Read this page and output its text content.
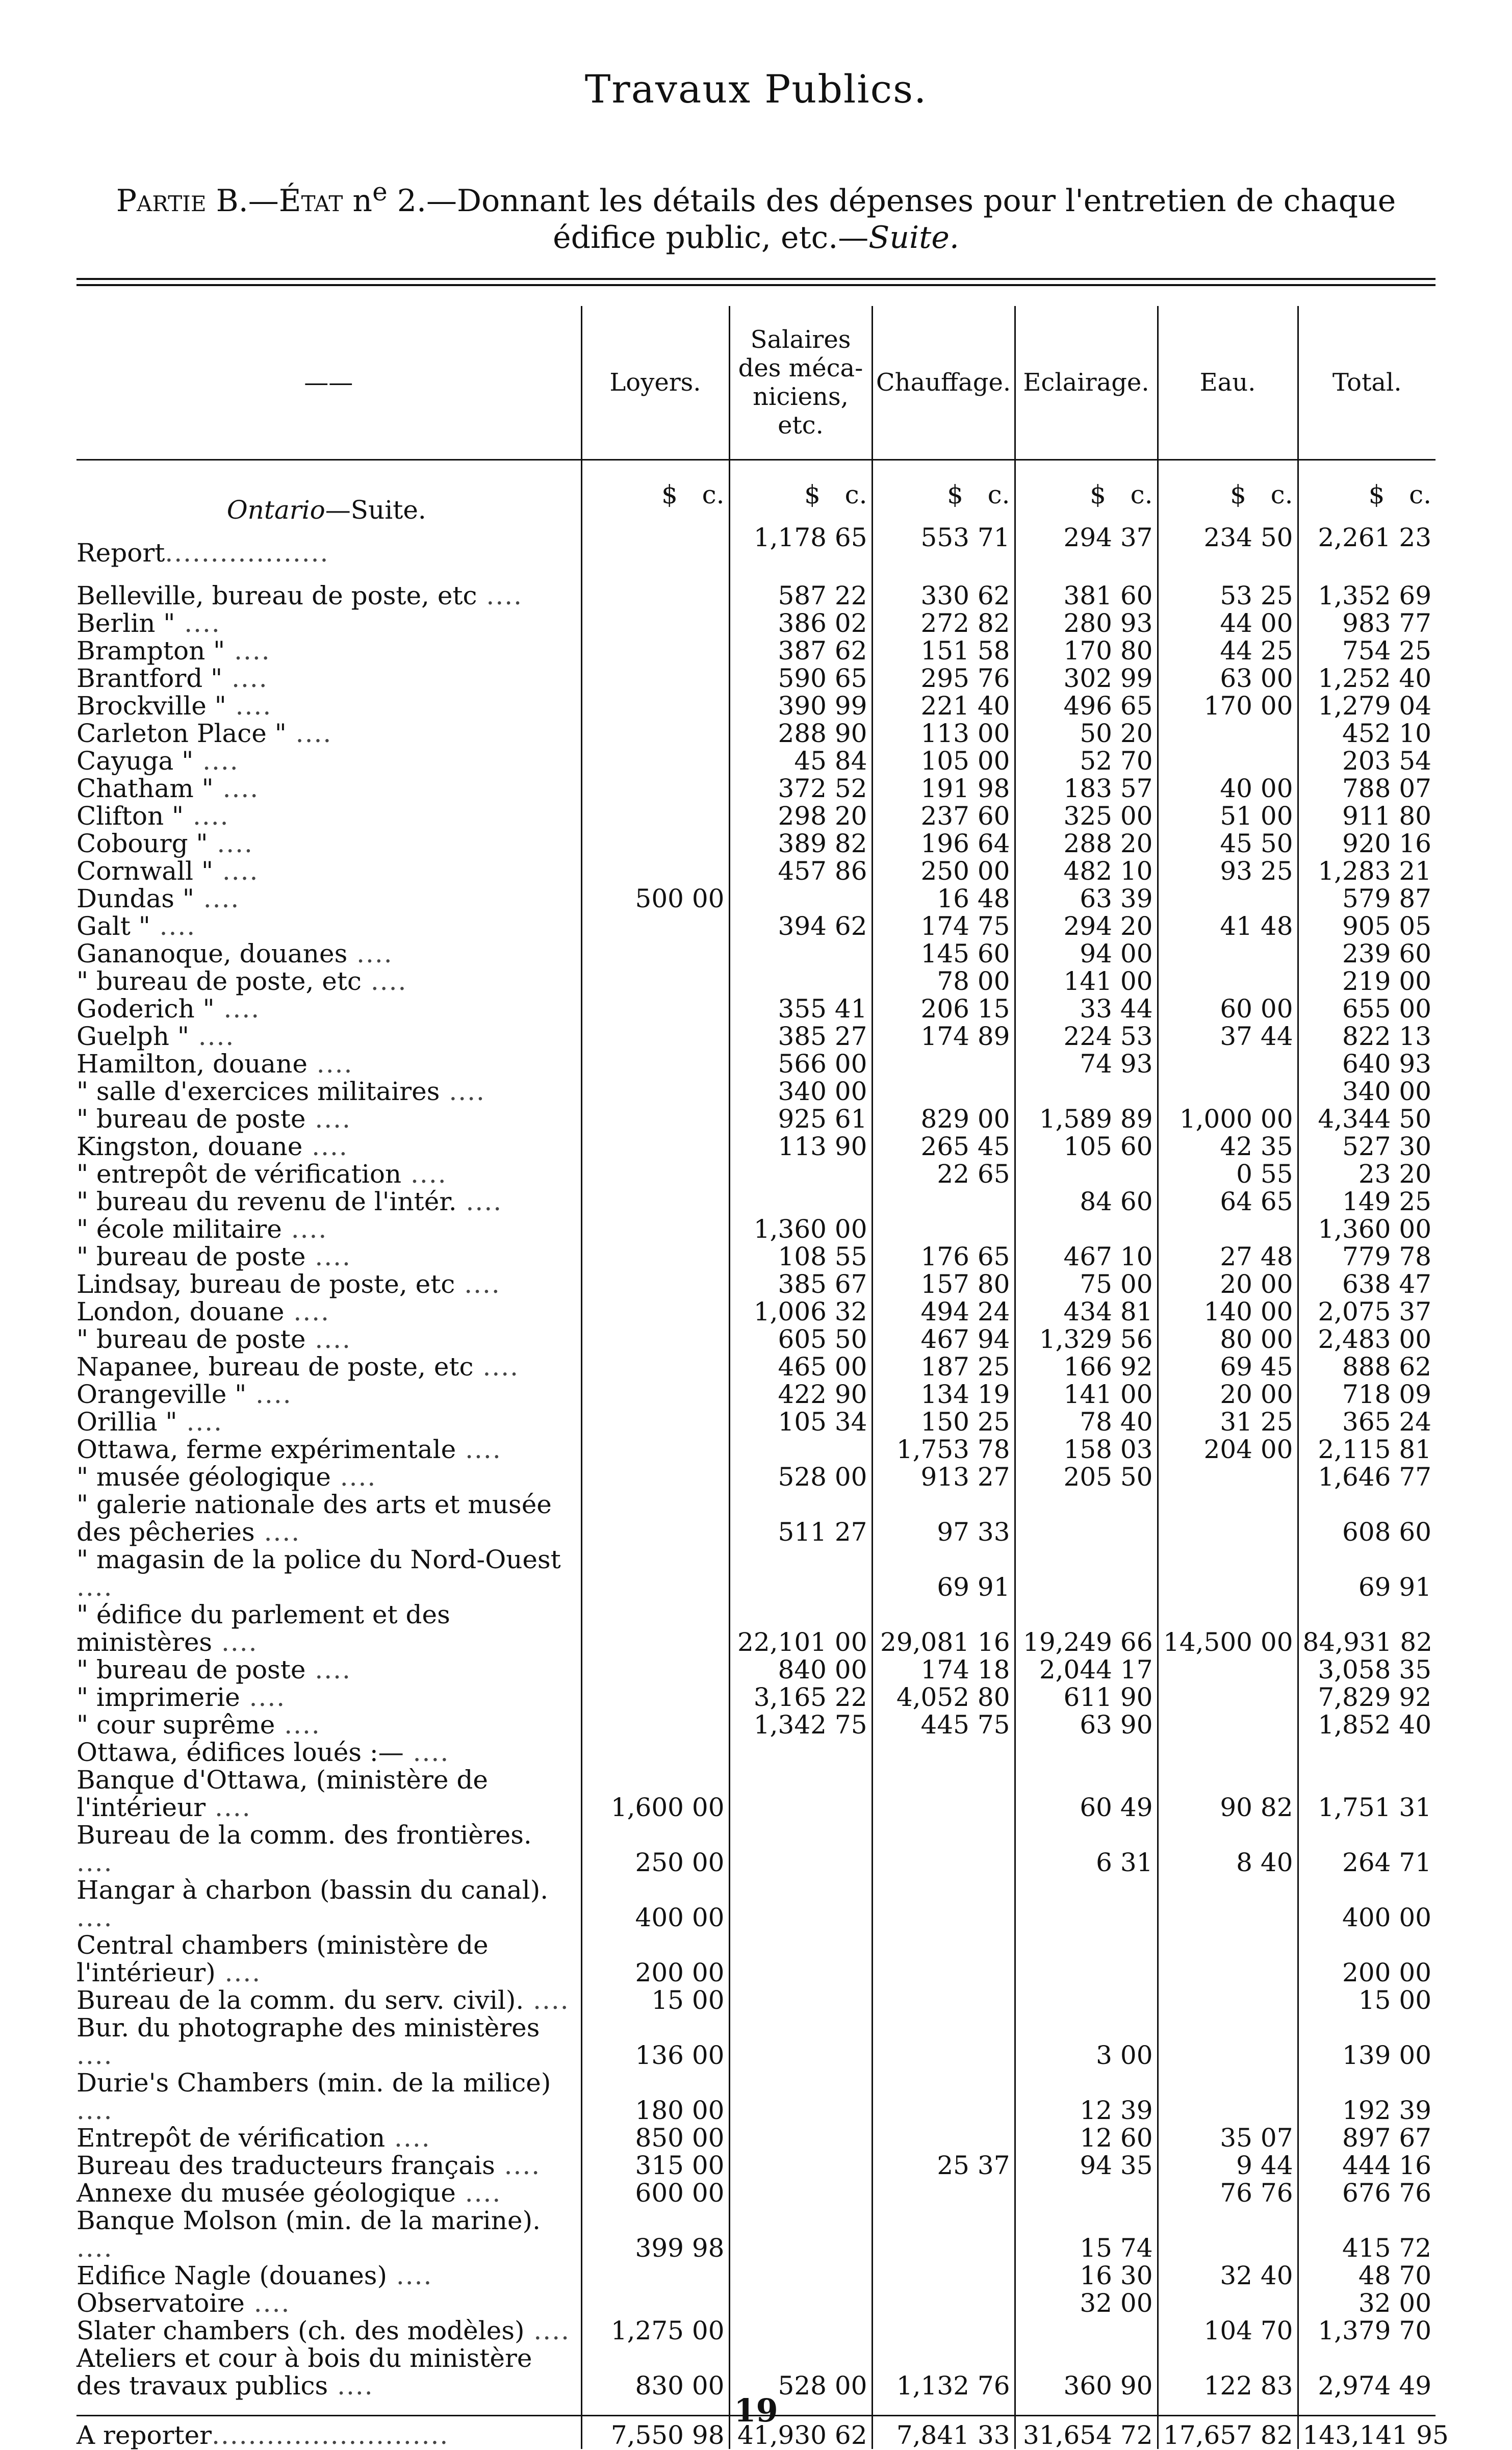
Travaux Publics.
Partie B.—État $n^e$ 2.—Donnant les détails des dépenses pour l'entretien de chaque édifice public, etc.—Suite.
——	Loyers.	Salaires des méca- niciens, etc.	Chauffage.	Eclairage.	Eau.	Total.

Ontario—Suite.	$ c.	$ c.	$ c.	$ c.	$ c.	$ c.
Report..................		1,178 65	553 71	294 37	234 50	2,261 23

Belleville, bureau de poste, etc ....		587 22	330 62	381 60	53 25	1,352 69
Berlin " ....		386 02	272 82	280 93	44 00	983 77
Brampton " ....		387 62	151 58	170 80	44 25	754 25
Brantford " ....		590 65	295 76	302 99	63 00	1,252 40
Brockville " ....		390 99	221 40	496 65	170 00	1,279 04
Carleton Place " ....		288 90	113 00	50 20		452 10
Cayuga " ....		45 84	105 00	52 70		203 54
Chatham " ....		372 52	191 98	183 57	40 00	788 07
Clifton " ....		298 20	237 60	325 00	51 00	911 80
Cobourg " ....		389 82	196 64	288 20	45 50	920 16
Cornwall " ....		457 86	250 00	482 10	93 25	1,283 21
Dundas " ....	500 00		16 48	63 39		579 87
Galt " ....		394 62	174 75	294 20	41 48	905 05
Gananoque, douanes ....			145 60	94 00		239 60
" bureau de poste, etc ....			78 00	141 00		219 00
Goderich " ....		355 41	206 15	33 44	60 00	655 00
Guelph " ....		385 27	174 89	224 53	37 44	822 13
Hamilton, douane ....		566 00		74 93		640 93
" salle d'exercices militaires ....		340 00				340 00
" bureau de poste ....		925 61	829 00	1,589 89	1,000 00	4,344 50
Kingston, douane ....		113 90	265 45	105 60	42 35	527 30
" entrepôt de vérification ....			22 65		0 55	23 20
" bureau du revenu de l'intér. ....				84 60	64 65	149 25
" école militaire ....		1,360 00				1,360 00
" bureau de poste ....		108 55	176 65	467 10	27 48	779 78
Lindsay, bureau de poste, etc ....		385 67	157 80	75 00	20 00	638 47
London, douane ....		1,006 32	494 24	434 81	140 00	2,075 37
" bureau de poste ....		605 50	467 94	1,329 56	80 00	2,483 00
Napanee, bureau de poste, etc ....		465 00	187 25	166 92	69 45	888 62
Orangeville " ....		422 90	134 19	141 00	20 00	718 09
Orillia " ....		105 34	150 25	78 40	31 25	365 24
Ottawa, ferme expérimentale ....			1,753 78	158 03	204 00	2,115 81
" musée géologique ....		528 00	913 27	205 50		1,646 77
" galerie nationale des arts et musée des pêcheries ....		511 27	97 33			608 60
" magasin de la police du Nord-Ouest ....			69 91			69 91
" édifice du parlement et des ministères ....		22,101 00	29,081 16	19,249 66	14,500 00	84,931 82
" bureau de poste ....		840 00	174 18	2,044 17		3,058 35
" imprimerie ....		3,165 22	4,052 80	611 90		7,829 92
" cour suprême ....		1,342 75	445 75	63 90		1,852 40
Ottawa, édifices loués :— ....						
Banque d'Ottawa, (ministère de l'intérieur ....	1,600 00			60 49	90 82	1,751 31
Bureau de la comm. des frontières. ....	250 00			6 31	8 40	264 71
Hangar à charbon (bassin du canal). ....	400 00					400 00
Central chambers (ministère de l'intérieur) ....	200 00					200 00
Bureau de la comm. du serv. civil). ....	15 00					15 00
Bur. du photographe des ministères ....	136 00			3 00		139 00
Durie's Chambers (min. de la milice) ....	180 00			12 39		192 39
Entrepôt de vérification ....	850 00			12 60	35 07	897 67
Bureau des traducteurs français ....	315 00		25 37	94 35	9 44	444 16
Annexe du musée géologique ....	600 00				76 76	676 76
Banque Molson (min. de la marine). ....	399 98			15 74		415 72
Edifice Nagle (douanes) ....				16 30	32 40	48 70
Observatoire ....				32 00		32 00
Slater chambers (ch. des modèles) ....	1,275 00				104 70	1,379 70
Ateliers et cour à bois du ministère des travaux publics ....	830 00	528 00	1,132 76	360 90	122 83	2,974 49

A reporter..........................	7,550 98	41,930 62	7,841 33	31,654 72	17,657 82	143,141 95
19
